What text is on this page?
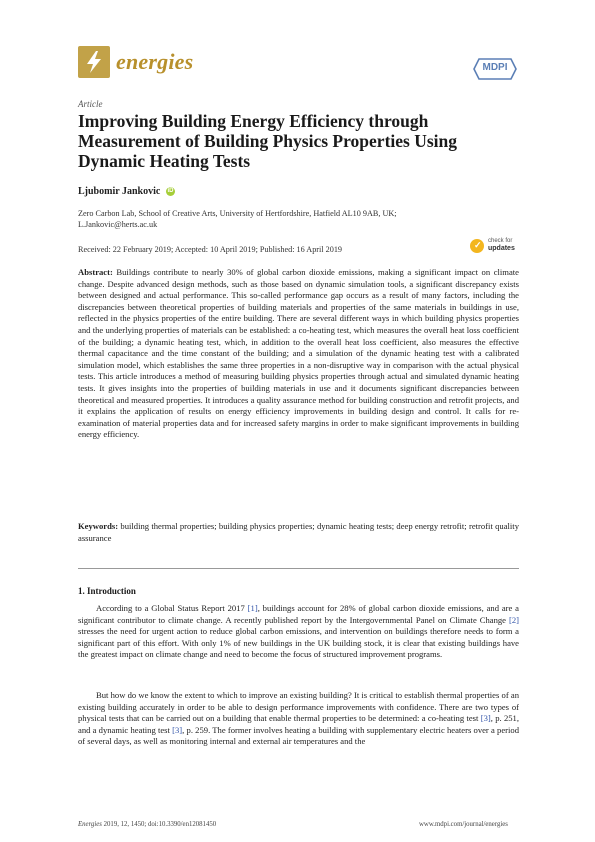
energies	MDPI
Article
Improving Building Energy Efficiency through Measurement of Building Physics Properties Using Dynamic Heating Tests
Ljubomir Jankovic iD
Zero Carbon Lab, School of Creative Arts, University of Hertfordshire, Hatfield AL10 9AB, UK;
L.Jankovic@herts.ac.uk
Received: 22 February 2019; Accepted: 10 April 2019; Published: 16 April 2019	✓ check for
updates

Abstract: Buildings contribute to nearly 30% of global carbon dioxide emissions, making a significant impact on climate change. Despite advanced design methods, such as those based on dynamic simulation tools, a significant discrepancy exists between designed and actual performance. This so-called performance gap occurs as a result of many factors, including the discrepancies between theoretical properties of building materials and properties of the same materials in buildings in use, reflected in the physics properties of the entire building. There are several different ways in which building physics properties and the underlying properties of materials can be established: a co-heating test, which measures the overall heat loss coefficient of the building; a dynamic heating test, which, in addition to the overall heat loss coefficient, also measures the effective thermal capacitance and the time constant of the building; and a simulation of the dynamic heating test with a calibrated simulation model, which establishes the same three properties in a non-disruptive way in comparison with the actual physical tests. This article introduces a method of measuring building physics properties through actual and simulated dynamic heating tests. It gives insights into the properties of building materials in use and it documents significant discrepancies between theoretical and measured properties. It introduces a quality assurance method for building construction and retrofit projects, and it explains the application of results on energy efficiency improvements in building design and control. It calls for re-examination of material properties data and for increased safety margins in order to make significant improvements in building energy efficiency.

Keywords: building thermal properties; building physics properties; dynamic heating tests; deep energy retrofit; retrofit quality assurance

1. Introduction

According to a Global Status Report 2017 [1], buildings account for 28% of global carbon dioxide emissions, and are a significant contributor to climate change. A recently published report by the Intergovernmental Panel on Climate Change [2] stresses the need for urgent action to reduce global carbon emissions, and intervention on buildings therefore needs to form a significant part of this effort. With only 1% of new buildings in the UK building stock, it is clear that existing buildings have the greatest impact on climate change and need to become the focus of structured improvement programs.

But how do we know the extent to which to improve an existing building? It is critical to establish thermal properties of an existing building accurately in order to be able to design performance improvements with confidence. There are two types of physical tests that can be carried out on a building that enable thermal properties to be determined: a co-heating test [3], p. 251, and a dynamic heating test [3], p. 259. The former involves heating a building with supplementary electric heaters over a period of several days, as well as monitoring internal and external air temperatures and the

Energies 2019, 12, 1450; doi:10.3390/en12081450	www.mdpi.com/journal/energies
